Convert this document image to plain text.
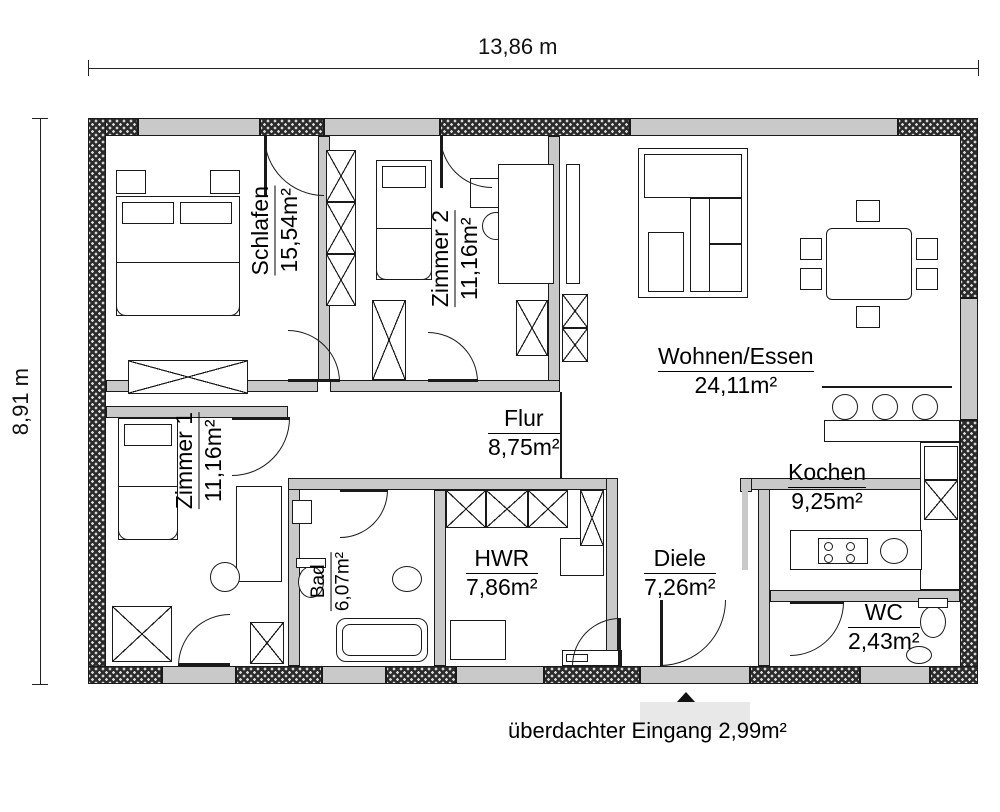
13,86 m
8,91 m
Schlafen 15,54m²	Zimmer 2 11,16m²
Zimmer 1 11,16m²
Flur
8,75m²
Wohnen/Essen
24,11m²
Kochen
9,25m²
Bad 6,07m²	HWR
7,86m²
Diele
7,26m²
WC
2,43m²
überdachter Eingang 2,99m²
